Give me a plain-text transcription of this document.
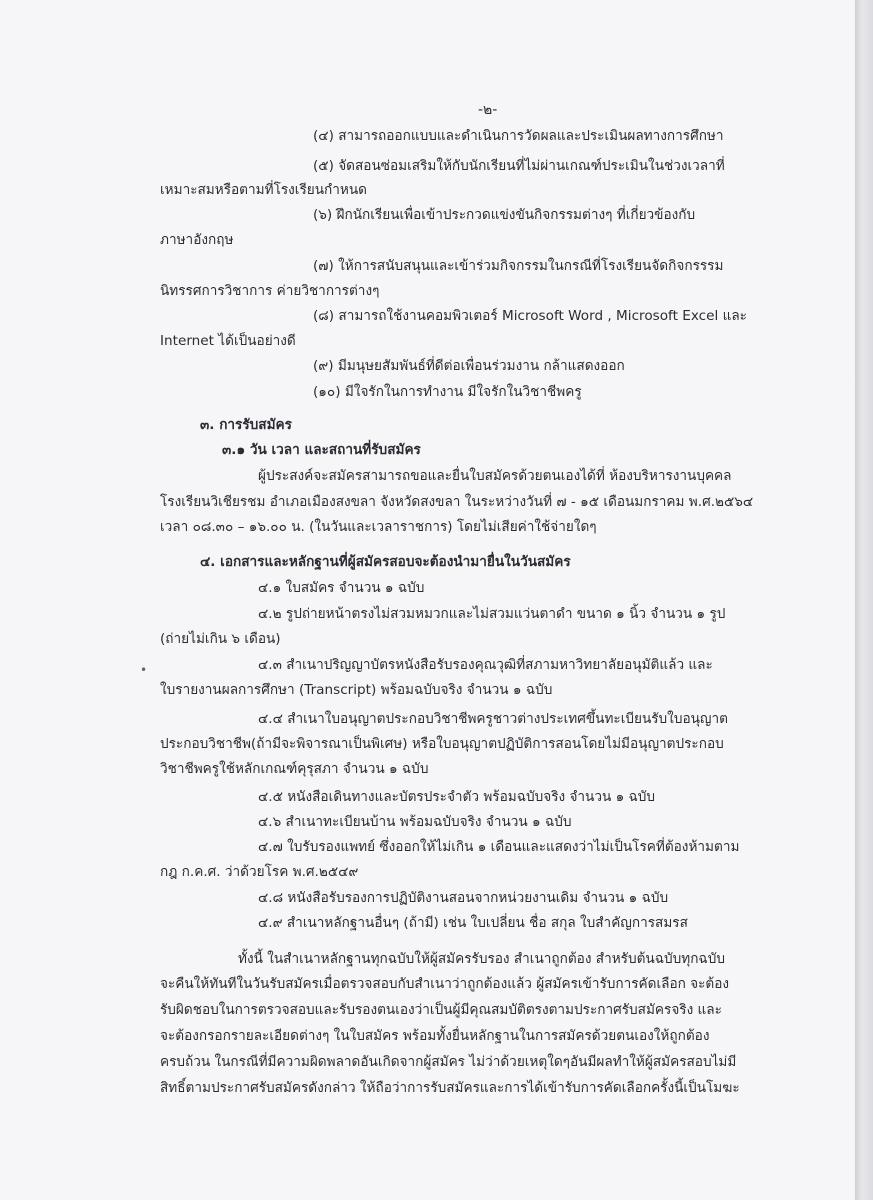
-๒-
(๔) สามารถออกแบบและดำเนินการวัดผลและประเมินผลทางการศึกษา
(๕) จัดสอนซ่อมเสริมให้กับนักเรียนที่ไม่ผ่านเกณฑ์ประเมินในช่วงเวลาที่
เหมาะสมหรือตามที่โรงเรียนกำหนด
(๖) ฝึกนักเรียนเพื่อเข้าประกวดแข่งขันกิจกรรมต่างๆ ที่เกี่ยวข้องกับ
ภาษาอังกฤษ
(๗) ให้การสนับสนุนและเข้าร่วมกิจกรรมในกรณีที่โรงเรียนจัดกิจกรรรม
นิทรรศการวิชาการ ค่ายวิชาการต่างๆ
(๘) สามารถใช้งานคอมพิวเตอร์ Microsoft Word , Microsoft Excel และ
Internet ได้เป็นอย่างดี
(๙) มีมนุษยสัมพันธ์ที่ดีต่อเพื่อนร่วมงาน กล้าแสดงออก
(๑๐) มีใจรักในการทำงาน มีใจรักในวิชาชีพครู
๓. การรับสมัคร
๓.๑ วัน เวลา และสถานที่รับสมัคร
ผู้ประสงค์จะสมัครสามารถขอและยื่นใบสมัครด้วยตนเองได้ที่ ห้องบริหารงานบุคคล
โรงเรียนวิเชียรชม อำเภอเมืองสงขลา จังหวัดสงขลา ในระหว่างวันที่ ๗ - ๑๕ เดือนมกราคม พ.ศ.๒๕๖๔
เวลา ๐๘.๓๐ – ๑๖.๐๐ น. (ในวันและเวลาราชการ) โดยไม่เสียค่าใช้จ่ายใดๆ
๔. เอกสารและหลักฐานที่ผู้สมัครสอบจะต้องนำมายื่นในวันสมัคร
๔.๑ ใบสมัคร จำนวน ๑ ฉบับ
๔.๒ รูปถ่ายหน้าตรงไม่สวมหมวกและไม่สวมแว่นตาดำ ขนาด ๑ นิ้ว จำนวน ๑ รูป
(ถ่ายไม่เกิน ๖ เดือน)
•	๔.๓ สำเนาปริญญาบัตรหนังสือรับรองคุณวุฒิที่สภามหาวิทยาลัยอนุมัติแล้ว และ
ใบรายงานผลการศึกษา (Transcript) พร้อมฉบับจริง จำนวน ๑ ฉบับ
๔.๔ สำเนาใบอนุญาตประกอบวิชาชีพครูชาวต่างประเทศขึ้นทะเบียนรับใบอนุญาต
ประกอบวิชาชีพ(ถ้ามีจะพิจารณาเป็นพิเศษ) หรือใบอนุญาตปฏิบัติการสอนโดยไม่มีอนุญาตประกอบ
วิชาชีพครูใช้หลักเกณฑ์คุรุสภา จำนวน ๑ ฉบับ
๔.๕ หนังสือเดินทางและบัตรประจำตัว พร้อมฉบับจริง จำนวน ๑ ฉบับ
๔.๖ สำเนาทะเบียนบ้าน พร้อมฉบับจริง จำนวน ๑ ฉบับ
๔.๗ ใบรับรองแพทย์ ซึ่งออกให้ไม่เกิน ๑ เดือนและแสดงว่าไม่เป็นโรคที่ต้องห้ามตาม
กฎ ก.ค.ศ. ว่าด้วยโรค พ.ศ.๒๕๔๙
๔.๘ หนังสือรับรองการปฏิบัติงานสอนจากหน่วยงานเดิม จำนวน ๑ ฉบับ
๔.๙ สำเนาหลักฐานอื่นๆ (ถ้ามี) เช่น ใบเปลี่ยน ชื่อ สกุล ใบสำคัญการสมรส
ทั้งนี้ ในสำเนาหลักฐานทุกฉบับให้ผู้สมัครรับรอง สำเนาถูกต้อง สำหรับต้นฉบับทุกฉบับ
จะคืนให้ทันทีในวันรับสมัครเมื่อตรวจสอบกับสำเนาว่าถูกต้องแล้ว ผู้สมัครเข้ารับการคัดเลือก จะต้อง
รับผิดชอบในการตรวจสอบและรับรองตนเองว่าเป็นผู้มีคุณสมบัติตรงตามประกาศรับสมัครจริง และ
จะต้องกรอกรายละเอียดต่างๆ ในใบสมัคร พร้อมทั้งยื่นหลักฐานในการสมัครด้วยตนเองให้ถูกต้อง
ครบถ้วน ในกรณีที่มีความผิดพลาดอันเกิดจากผู้สมัคร ไม่ว่าด้วยเหตุใดๆอันมีผลทำให้ผู้สมัครสอบไม่มี
สิทธิ์ตามประกาศรับสมัครดังกล่าว ให้ถือว่าการรับสมัครและการได้เข้ารับการคัดเลือกครั้งนี้เป็นโมฆะ
